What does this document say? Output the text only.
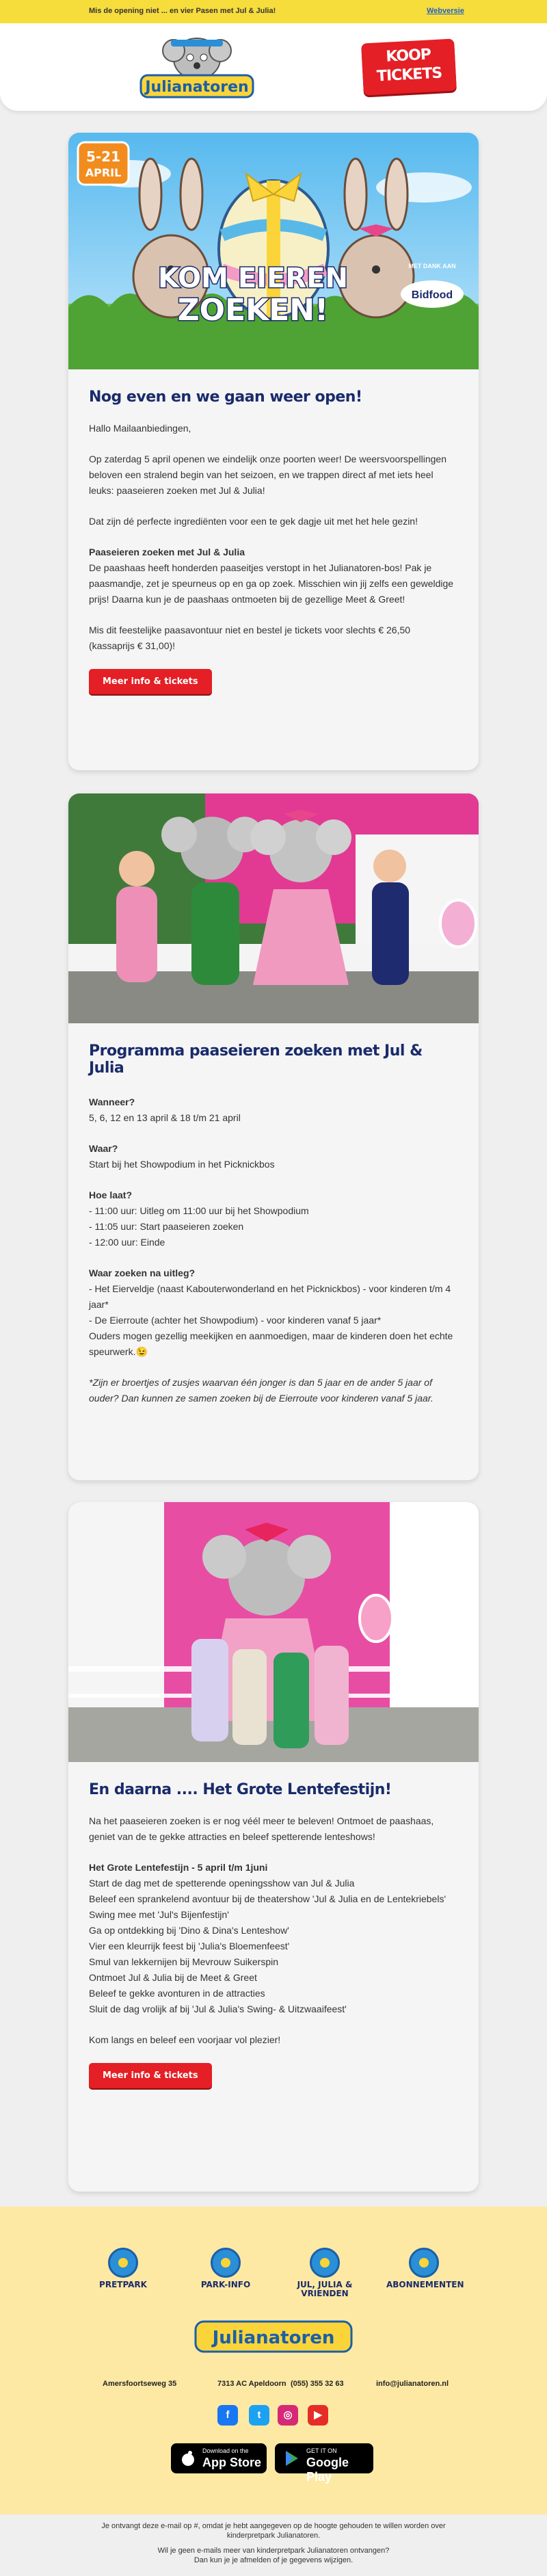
Mis de opening niet ... en vier Pasen met Jul & Julia!	Webversie
Julianatoren
KOOP
TICKETS
5-21
APRIL
KOM EIEREN
ZOEKEN!
MET DANK AAN
Bidfood
Nog even en we gaan weer open!

Hallo Mailaanbiedingen,

Op zaterdag 5 april openen we eindelijk onze poorten weer! De weersvoorspellingen beloven een stralend begin van het seizoen, en we trappen direct af met iets heel leuks: paaseieren zoeken met Jul & Julia!

Dat zijn dé perfecte ingrediënten voor een te gek dagje uit met het hele gezin!

Paaseieren zoeken met Jul & Julia
De paashaas heeft honderden paaseitjes verstopt in het Julianatoren-bos! Pak je paasmandje, zet je speurneus op en ga op zoek. Misschien win jij zelfs een geweldige prijs! Daarna kun je de paashaas ontmoeten bij de gezellige Meet & Greet!

Mis dit feestelijke paasavontuur niet en bestel je tickets voor slechts € 26,50 (kassaprijs € 31,00)!

Meer info & tickets
Programma paaseieren zoeken met Jul & Julia

Wanneer?
5, 6, 12 en 13 april & 18 t/m 21 april

Waar?
Start bij het Showpodium in het Picknickbos

Hoe laat?
- 11:00 uur: Uitleg om 11:00 uur bij het Showpodium
- 11:05 uur: Start paaseieren zoeken
- 12:00 uur: Einde

Waar zoeken na uitleg?
- Het Eierveldje (naast Kabouterwonderland en het Picknickbos) - voor kinderen t/m 4 jaar*
- De Eierroute (achter het Showpodium) - voor kinderen vanaf 5 jaar*
Ouders mogen gezellig meekijken en aanmoedigen, maar de kinderen doen het echte speurwerk.😉

*Zijn er broertjes of zusjes waarvan één jonger is dan 5 jaar en de ander 5 jaar of ouder? Dan kunnen ze samen zoeken bij de Eierroute voor kinderen vanaf 5 jaar.

En daarna .... Het Grote Lentefestijn!

Na het paaseieren zoeken is er nog véél meer te beleven! Ontmoet de paashaas, geniet van de te gekke attracties en beleef spetterende lenteshows!

Het Grote Lentefestijn - 5 april t/m 1juni
Start de dag met de spetterende openingsshow van Jul & Julia
Beleef een sprankelend avontuur bij de theatershow 'Jul & Julia en de Lentekriebels'
Swing mee met 'Jul's Bijenfestijn'
Ga op ontdekking bij 'Dino & Dina's Lenteshow'
Vier een kleurrijk feest bij 'Julia's Bloemenfeest'
Smul van lekkernijen bij Mevrouw Suikerspin
Ontmoet Jul & Julia bij de Meet & Greet
Beleef te gekke avonturen in de attracties
Sluit de dag vrolijk af bij 'Jul & Julia's Swing- & Uitzwaaifeest'

Kom langs en beleef een voorjaar vol plezier!

Meer info & tickets
PRETPARK	PARK-INFO	JUL, JULIA & VRIENDEN
ABONNEMENTEN
Julianatoren
Amersfoortseweg 35	7313 AC Apeldoorn (055) 355 32 63	info@julianatoren.nl
f	t	◎	▶
Download on the
App Store
GET IT ON
Google Play
Je ontvangt deze e-mail op #, omdat je hebt aangegeven op de hoogte gehouden te willen worden over
kinderpretpark Julianatoren.
Wil je geen e-mails meer van kinderpretpark Julianatoren ontvangen?
Dan kun je je afmelden of je gegevens wijzigen.
